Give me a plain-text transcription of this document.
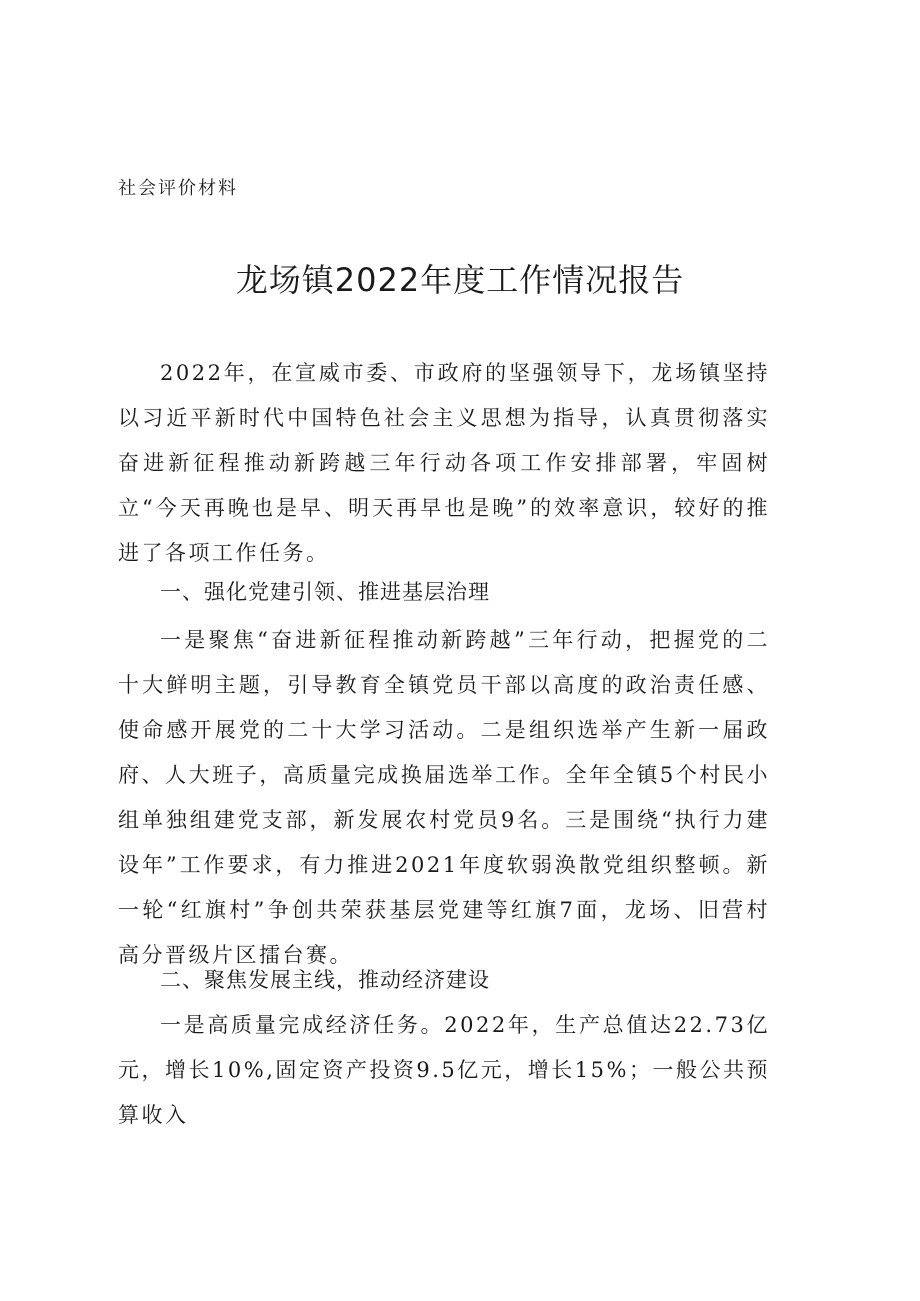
社会评价材料
龙场镇2022年度工作情况报告
2022年，在宣威市委、市政府的坚强领导下，龙场镇坚持以习近平新时代中国特色社会主义思想为指导，认真贯彻落实奋进新征程推动新跨越三年行动各项工作安排部署，牢固树立“今天再晚也是早、明天再早也是晚”的效率意识，较好的推进了各项工作任务。
一、强化党建引领、推进基层治理
一是聚焦“奋进新征程推动新跨越”三年行动，把握党的二十大鲜明主题，引导教育全镇党员干部以高度的政治责任感、使命感开展党的二十大学习活动。二是组织选举产生新一届政府、人大班子，高质量完成换届选举工作。全年全镇5个村民小组单独组建党支部，新发展农村党员9名。三是围绕“执行力建设年”工作要求，有力推进2021年度软弱涣散党组织整顿。新一轮“红旗村”争创共荣获基层党建等红旗7面，龙场、旧营村高分晋级片区擂台赛。
二、聚焦发展主线，推动经济建设
一是高质量完成经济任务。2022年，生产总值达22.73亿元，增长10%,固定资产投资9.5亿元，增长15%；一般公共预算收入
